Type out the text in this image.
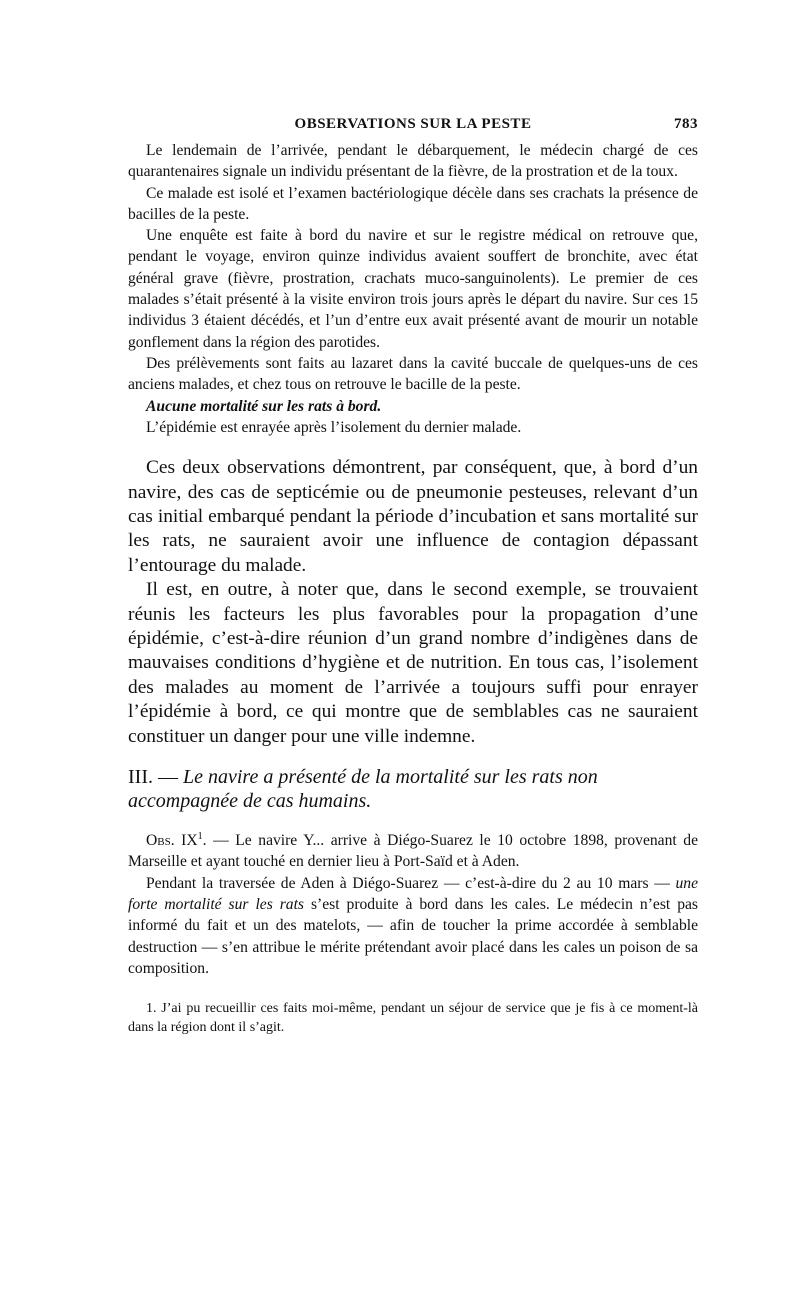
OBSERVATIONS SUR LA PESTE	783

Le lendemain de l’arrivée, pendant le débarquement, le médecin chargé de ces quarantenaires signale un individu présentant de la fièvre, de la prostration et de la toux.

Ce malade est isolé et l’examen bactériologique décèle dans ses crachats la présence de bacilles de la peste.

Une enquête est faite à bord du navire et sur le registre médical on retrouve que, pendant le voyage, environ quinze individus avaient souffert de bronchite, avec état général grave (fièvre, prostration, crachats muco-sanguinolents). Le premier de ces malades s’était présenté à la visite environ trois jours après le départ du navire. Sur ces 15 individus 3 étaient décédés, et l’un d’entre eux avait présenté avant de mourir un notable gonflement dans la région des parotides.

Des prélèvements sont faits au lazaret dans la cavité buccale de quelques-uns de ces anciens malades, et chez tous on retrouve le bacille de la peste.

Aucune mortalité sur les rats à bord.

L’épidémie est enrayée après l’isolement du dernier malade.

Ces deux observations démontrent, par conséquent, que, à bord d’un navire, des cas de septicémie ou de pneumonie pesteuses, relevant d’un cas initial embarqué pendant la période d’incubation et sans mortalité sur les rats, ne sauraient avoir une influence de contagion dépassant l’entourage du malade.

Il est, en outre, à noter que, dans le second exemple, se trouvaient réunis les facteurs les plus favorables pour la propagation d’une épidémie, c’est-à-dire réunion d’un grand nombre d’indigènes dans de mauvaises conditions d’hygiène et de nutrition. En tous cas, l’isolement des malades au moment de l’arrivée a toujours suffi pour enrayer l’épidémie à bord, ce qui montre que de semblables cas ne sauraient constituer un danger pour une ville indemne.

III. — Le navire a présenté de la mortalité sur les rats non accompagnée de cas humains.

Obs. $IX^1$. — Le navire Y... arrive à Diégo-Suarez le 10 octobre 1898, provenant de Marseille et ayant touché en dernier lieu à Port-Saïd et à Aden.

Pendant la traversée de Aden à Diégo-Suarez — c’est-à-dire du 2 au 10 mars — une forte mortalité sur les rats s’est produite à bord dans les cales. Le médecin n’est pas informé du fait et un des matelots, — afin de toucher la prime accordée à semblable destruction — s’en attribue le mérite prétendant avoir placé dans les cales un poison de sa composition.

1. J’ai pu recueillir ces faits moi-même, pendant un séjour de service que je fis à ce moment-là dans la région dont il s’agit.
